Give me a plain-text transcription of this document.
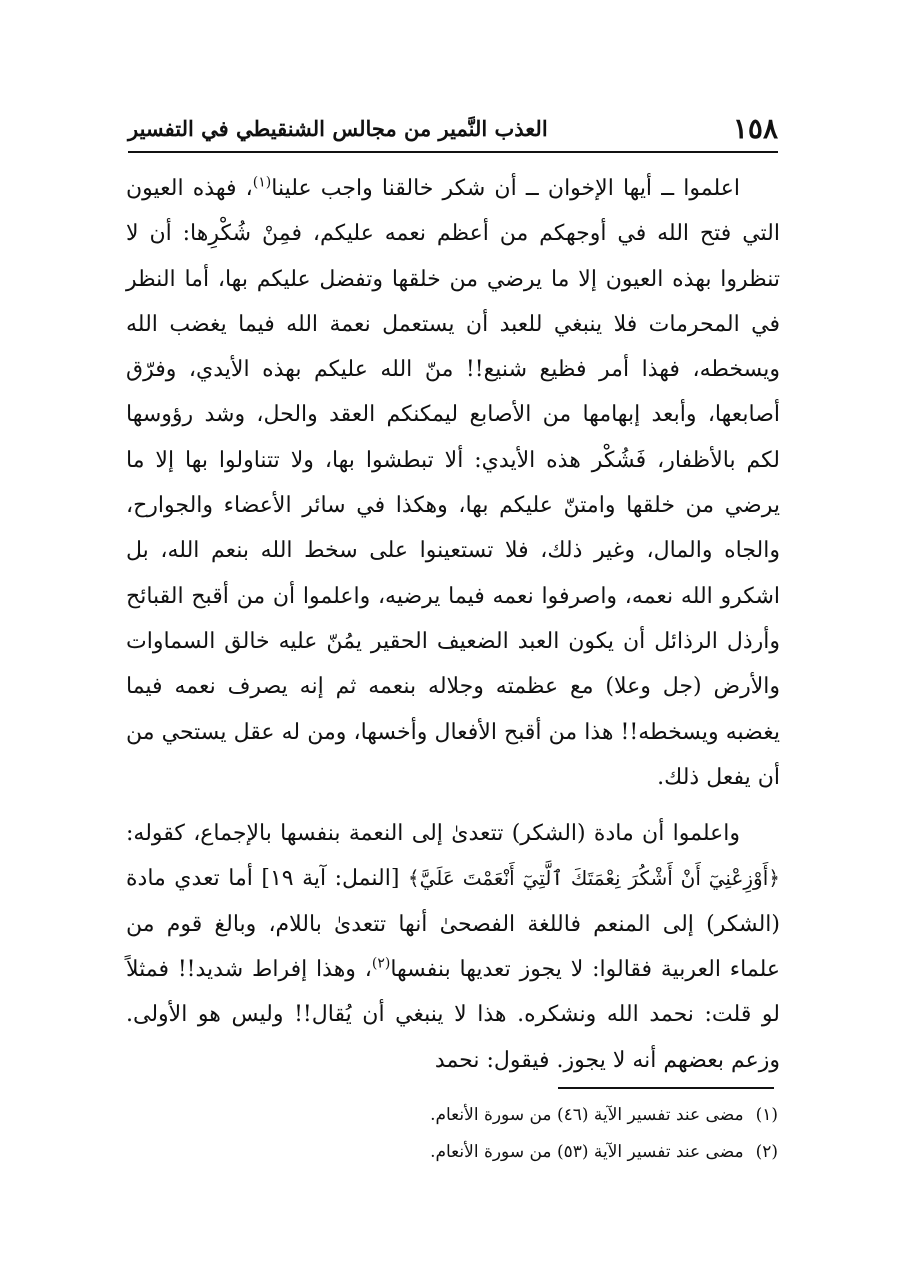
١٥٨
العذب النَّمير من مجالس الشنقيطي في التفسير

اعلموا ــ أيها الإخوان ــ أن شكر خالقنا واجب علينا$^{(١)}$، فهذه العيون التي فتح الله في أوجهكم من أعظم نعمه عليكم، فمِنْ شُكْرِها: أن لا تنظروا بهذه العيون إلا ما يرضي من خلقها وتفضل عليكم بها، أما النظر في المحرمات فلا ينبغي للعبد أن يستعمل نعمة الله فيما يغضب الله ويسخطه، فهذا أمر فظيع شنيع!! منّ الله عليكم بهذه الأيدي، وفرّق أصابعها، وأبعد إبهامها من الأصابع ليمكنكم العقد والحل، وشد رؤوسها لكم بالأظفار، فَشُكْر هذه الأيدي: ألا تبطشوا بها، ولا تتناولوا بها إلا ما يرضي من خلقها وامتنّ عليكم بها، وهكذا في سائر الأعضاء والجوارح، والجاه والمال، وغير ذلك، فلا تستعينوا على سخط الله بنعم الله، بل اشكرو الله نعمه، واصرفوا نعمه فيما يرضيه، واعلموا أن من أقبح القبائح وأرذل الرذائل أن يكون العبد الضعيف الحقير يمُنّ عليه خالق السماوات والأرض (جل وعلا) مع عظمته وجلاله بنعمه ثم إنه يصرف نعمه فيما يغضبه ويسخطه!! هذا من أقبح الأفعال وأخسها، ومن له عقل يستحي من أن يفعل ذلك.

واعلموا أن مادة (الشكر) تتعدىٰ إلى النعمة بنفسها بالإجماع، كقوله: ﴿أَوْزِعْنِيٓ أَنْ أَشْكُرَ نِعْمَتَكَ ٱلَّتِيٓ أَنْعَمْتَ عَلَيَّ﴾ [النمل: آية ١٩] أما تعدي مادة (الشكر) إلى المنعم فاللغة الفصحىٰ أنها تتعدىٰ باللام، وبالغ قوم من علماء العربية فقالوا: لا يجوز تعديها بنفسها$^{(٢)}$، وهذا إفراط شديد!! فمثلاً لو قلت: نحمد الله ونشكره. هذا لا ينبغي أن يُقال!! وليس هو الأولى. وزعم بعضهم أنه لا يجوز. فيقول: نحمد

(١)مضى عند تفسير الآية (٤٦) من سورة الأنعام.
(٢)مضى عند تفسير الآية (٥٣) من سورة الأنعام.
